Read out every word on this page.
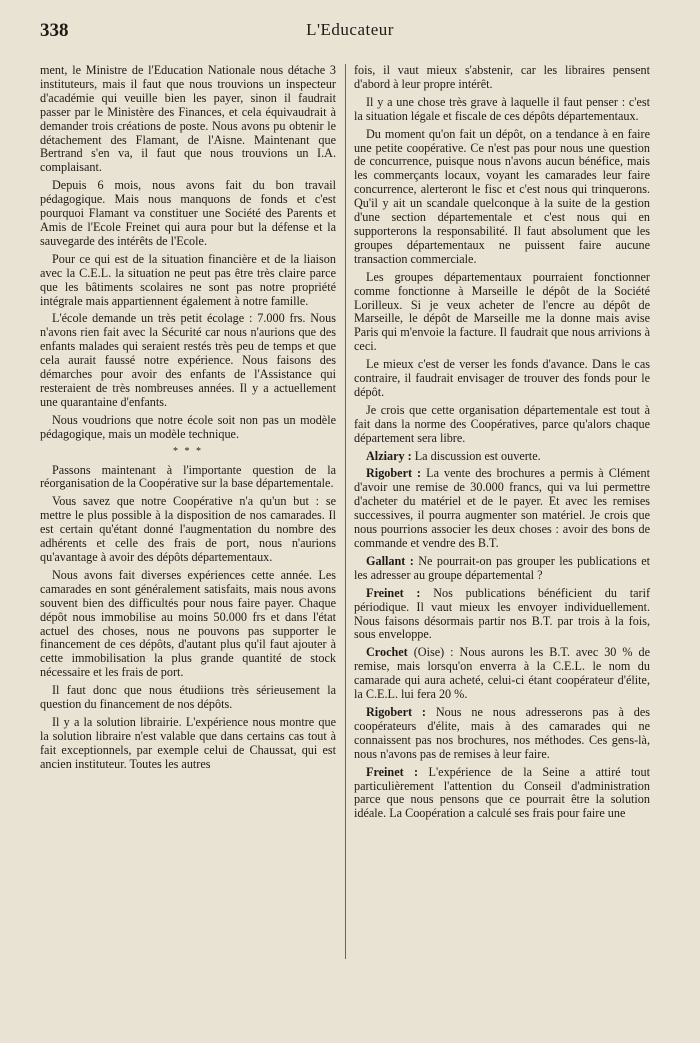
338	L'Educateur

ment, le Ministre de l'Education Nationale nous détache 3 instituteurs, mais il faut que nous trouvions un inspecteur d'académie qui veuille bien les payer, sinon il faudrait passer par le Ministère des Finances, et cela équivaudrait à demander trois créations de poste. Nous avons pu obtenir le détachement des Flamant, de l'Aisne. Maintenant que Bertrand s'en va, il faut que nous trouvions un I.A. complaisant.

Depuis 6 mois, nous avons fait du bon travail pédagogique. Mais nous manquons de fonds et c'est pourquoi Flamant va constituer une Société des Parents et Amis de l'Ecole Freinet qui aura pour but la défense et la sauvegarde des intérêts de l'Ecole.

Pour ce qui est de la situation financière et de la liaison avec la C.E.L. la situation ne peut pas être très claire parce que les bâtiments scolaires ne sont pas notre propriété intégrale mais appartiennent également à notre famille.

L'école demande un très petit écolage : 7.000 frs. Nous n'avons rien fait avec la Sécurité car nous n'aurions que des enfants malades qui seraient restés très peu de temps et que cela aurait faussé notre expérience. Nous faisons des démarches pour avoir des enfants de l'Assistance qui resteraient de très nombreuses années. Il y a actuellement une quarantaine d'enfants.

Nous voudrions que notre école soit non pas un modèle pédagogique, mais un modèle technique.

* * *

Passons maintenant à l'importante question de la réorganisation de la Coopérative sur la base départementale.

Vous savez que notre Coopérative n'a qu'un but : se mettre le plus possible à la disposition de nos camarades. Il est certain qu'étant donné l'augmentation du nombre des adhérents et celle des frais de port, nous n'aurions qu'avantage à avoir des dépôts départementaux.

Nous avons fait diverses expériences cette année. Les camarades en sont généralement satisfaits, mais nous avons souvent bien des difficultés pour nous faire payer. Chaque dépôt nous immobilise au moins 50.000 frs et dans l'état actuel des choses, nous ne pouvons pas supporter le financement de ces dépôts, d'autant plus qu'il faut ajouter à cette immobilisation la plus grande quantité de stock nécessaire et les frais de port.

Il faut donc que nous étudiions très sérieusement la question du financement de nos dépôts.

Il y a la solution librairie. L'expérience nous montre que la solution libraire n'est valable que dans certains cas tout à fait exceptionnels, par exemple celui de Chaussat, qui est ancien instituteur. Toutes les autres

fois, il vaut mieux s'abstenir, car les libraires pensent d'abord à leur propre intérêt.

Il y a une chose très grave à laquelle il faut penser : c'est la situation légale et fiscale de ces dépôts départementaux.

Du moment qu'on fait un dépôt, on a tendance à en faire une petite coopérative. Ce n'est pas pour nous une question de concurrence, puisque nous n'avons aucun bénéfice, mais les commerçants locaux, voyant les camarades leur faire concurrence, alerteront le fisc et c'est nous qui trinquerons. Qu'il y ait un scandale quelconque à la suite de la gestion d'une section départementale et c'est nous qui en supporterons la responsabilité. Il faut absolument que les groupes départementaux ne puissent faire aucune transaction commerciale.

Les groupes départementaux pourraient fonctionner comme fonctionne à Marseille le dépôt de la Société Lorilleux. Si je veux acheter de l'encre au dépôt de Marseille, le dépôt de Marseille me la donne mais avise Paris qui m'envoie la facture. Il faudrait que nous arrivions à ceci.

Le mieux c'est de verser les fonds d'avance. Dans le cas contraire, il faudrait envisager de trouver des fonds pour le dépôt.

Je crois que cette organisation départementale est tout à fait dans la norme des Coopératives, parce qu'alors chaque département sera libre.

Alziary : La discussion est ouverte.

Rigobert : La vente des brochures a permis à Clément d'avoir une remise de 30.000 francs, qui va lui permettre d'acheter du matériel et de le payer. Et avec les remises successives, il pourra augmenter son matériel. Je crois que nous pourrions associer les deux choses : avoir des bons de commande et vendre des B.T.

Gallant : Ne pourrait-on pas grouper les publications et les adresser au groupe départemental ?

Freinet : Nos publications bénéficient du tarif périodique. Il vaut mieux les envoyer individuellement. Nous faisons désormais partir nos B.T. par trois à la fois, sous enveloppe.

Crochet (Oise) : Nous aurons les B.T. avec 30 % de remise, mais lorsqu'on enverra à la C.E.L. le nom du camarade qui aura acheté, celui-ci étant coopérateur d'élite, la C.E.L. lui fera 20 %.

Rigobert : Nous ne nous adresserons pas à des coopérateurs d'élite, mais à des camarades qui ne connaissent pas nos brochures, nos méthodes. Ces gens-là, nous n'avons pas de remises à leur faire.

Freinet : L'expérience de la Seine a attiré tout particulièrement l'attention du Conseil d'administration parce que nous pensons que ce pourrait être la solution idéale. La Coopération a calculé ses frais pour faire une
